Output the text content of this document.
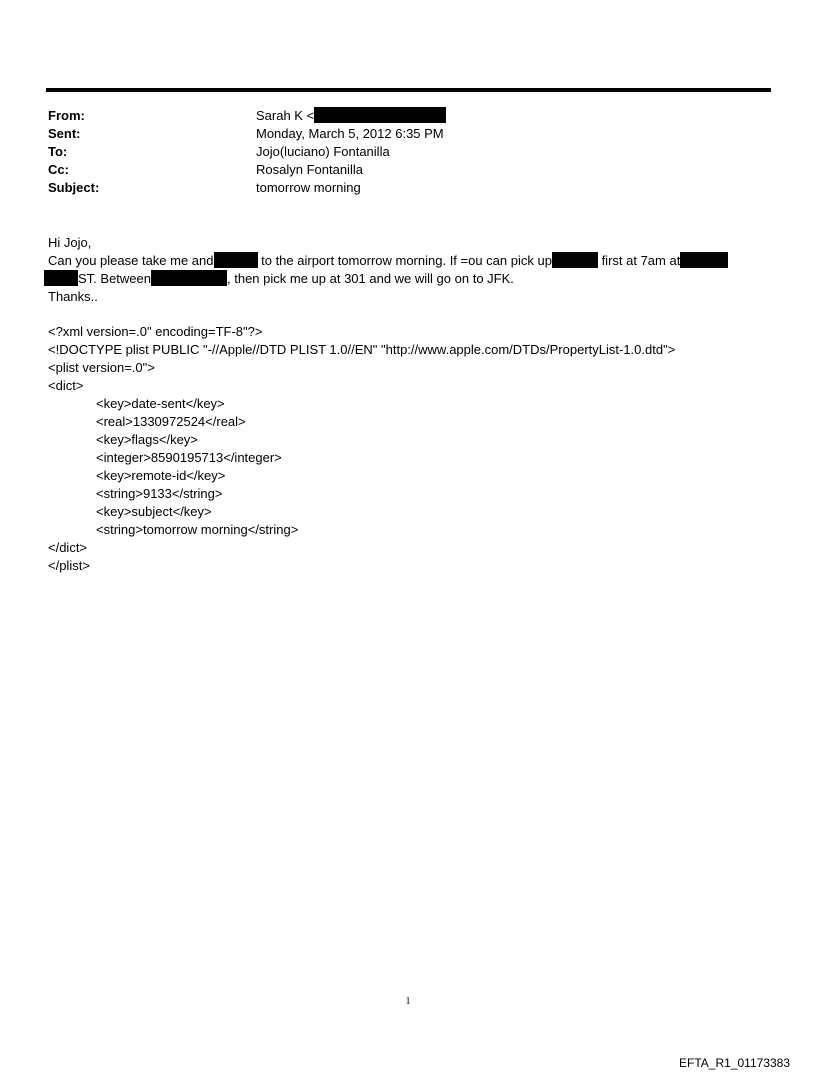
From:	Sarah K <
Sent:	Monday, March 5, 2012 6:35 PM
To:	Jojo(luciano) Fontanilla
Cc:	Rosalyn Fontanilla
Subject:	tomorrow morning
Hi Jojo,
Can you please take me and	to the airport tomorrow morning. If =ou can pick up	first at 7am at
ST. Between	, then pick me up at 301 and we will go on to JFK.
Thanks..
<?xml version=.0" encoding=TF-8"?>
<!DOCTYPE plist PUBLIC "-//Apple//DTD PLIST 1.0//EN" "http://www.apple.com/DTDs/PropertyList-1.0.dtd">
<plist version=.0">
<dict>
<key>date-sent</key>
<real>1330972524</real>
<key>flags</key>
<integer>8590195713</integer>
<key>remote-id</key>
<string>9133</string>
<key>subject</key>
<string>tomorrow morning</string>
</dict>
</plist>
1
EFTA_R1_01173383
